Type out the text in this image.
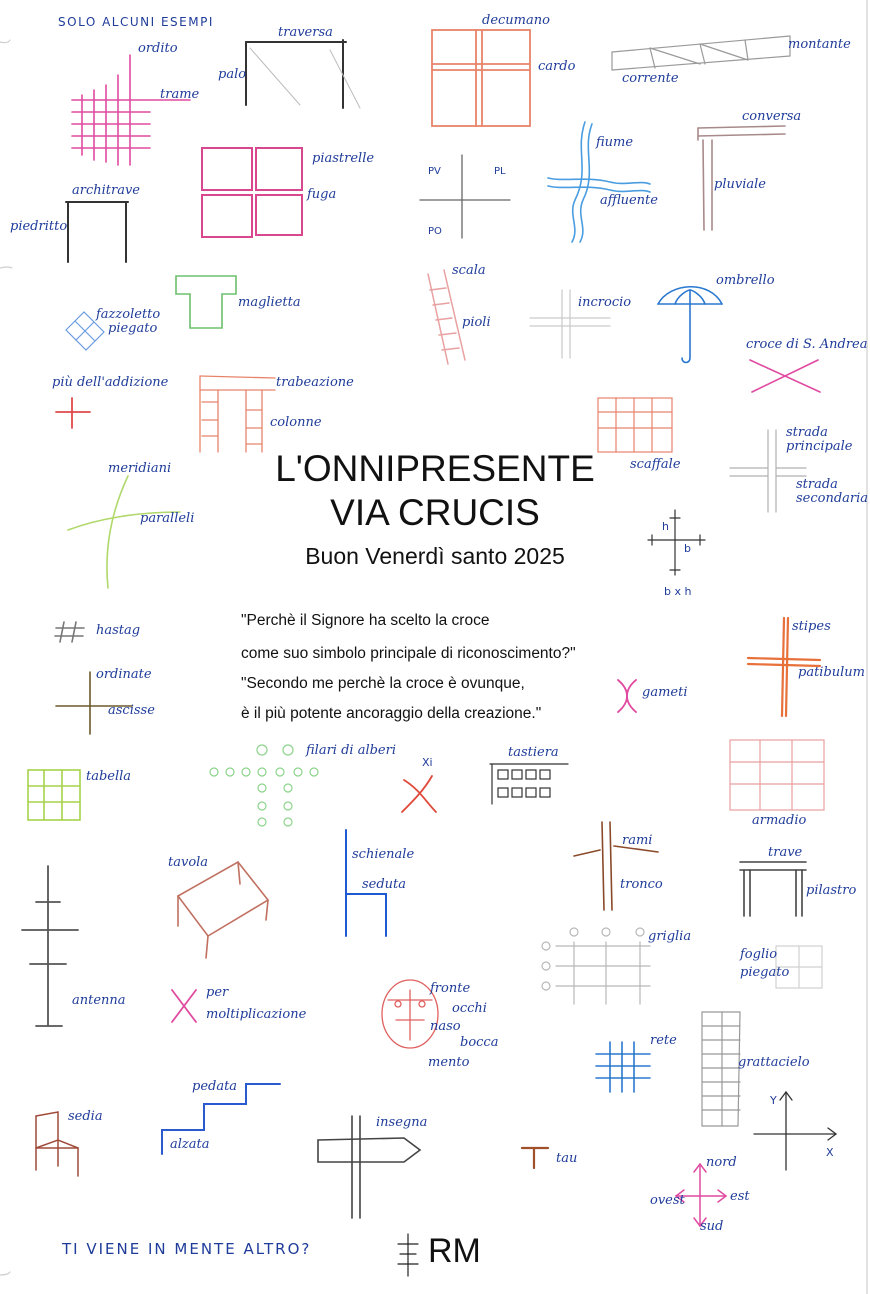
SOLO ALCUNI ESEMPI
ordito
trame
palo
traversa
decumano
cardo
montante
corrente
piastrelle
fuga
PV	PL
PO
fiume
affluente
conversa
pluviale
architrave
piedritto
maglietta
scala
pioli
incrocio
ombrello
fazzoletto
piegato
croce di S. Andrea
più dell'addizione	trabeazione
colonne
scaffale
strada
principale
strada
secondaria
meridiani
paralleli
h
b
b x h
hastag	stipes
patibulum
ordinate
ascisse
gameti
filari di alberi
Xi
tastiera
tabella
armadio
tavola
schienale
seduta
rami
tronco
trave
pilastro
antenna
per
moltiplicazione
fronte
occhi
naso
bocca
mento
griglia
foglio
piegato
rete
grattacielo
sedia
pedata
alzata
insegna
tau
Y
X
nord
sud
ovest	est
TI VIENE IN MENTE ALTRO?
L'ONNIPRESENTE
VIA CRUCIS
Buon Venerdì santo 2025
"Perchè il Signore ha scelto la croce
come suo simbolo principale di riconoscimento?"
"Secondo me perchè la croce è ovunque,
è il più potente ancoraggio della creazione."
RM
